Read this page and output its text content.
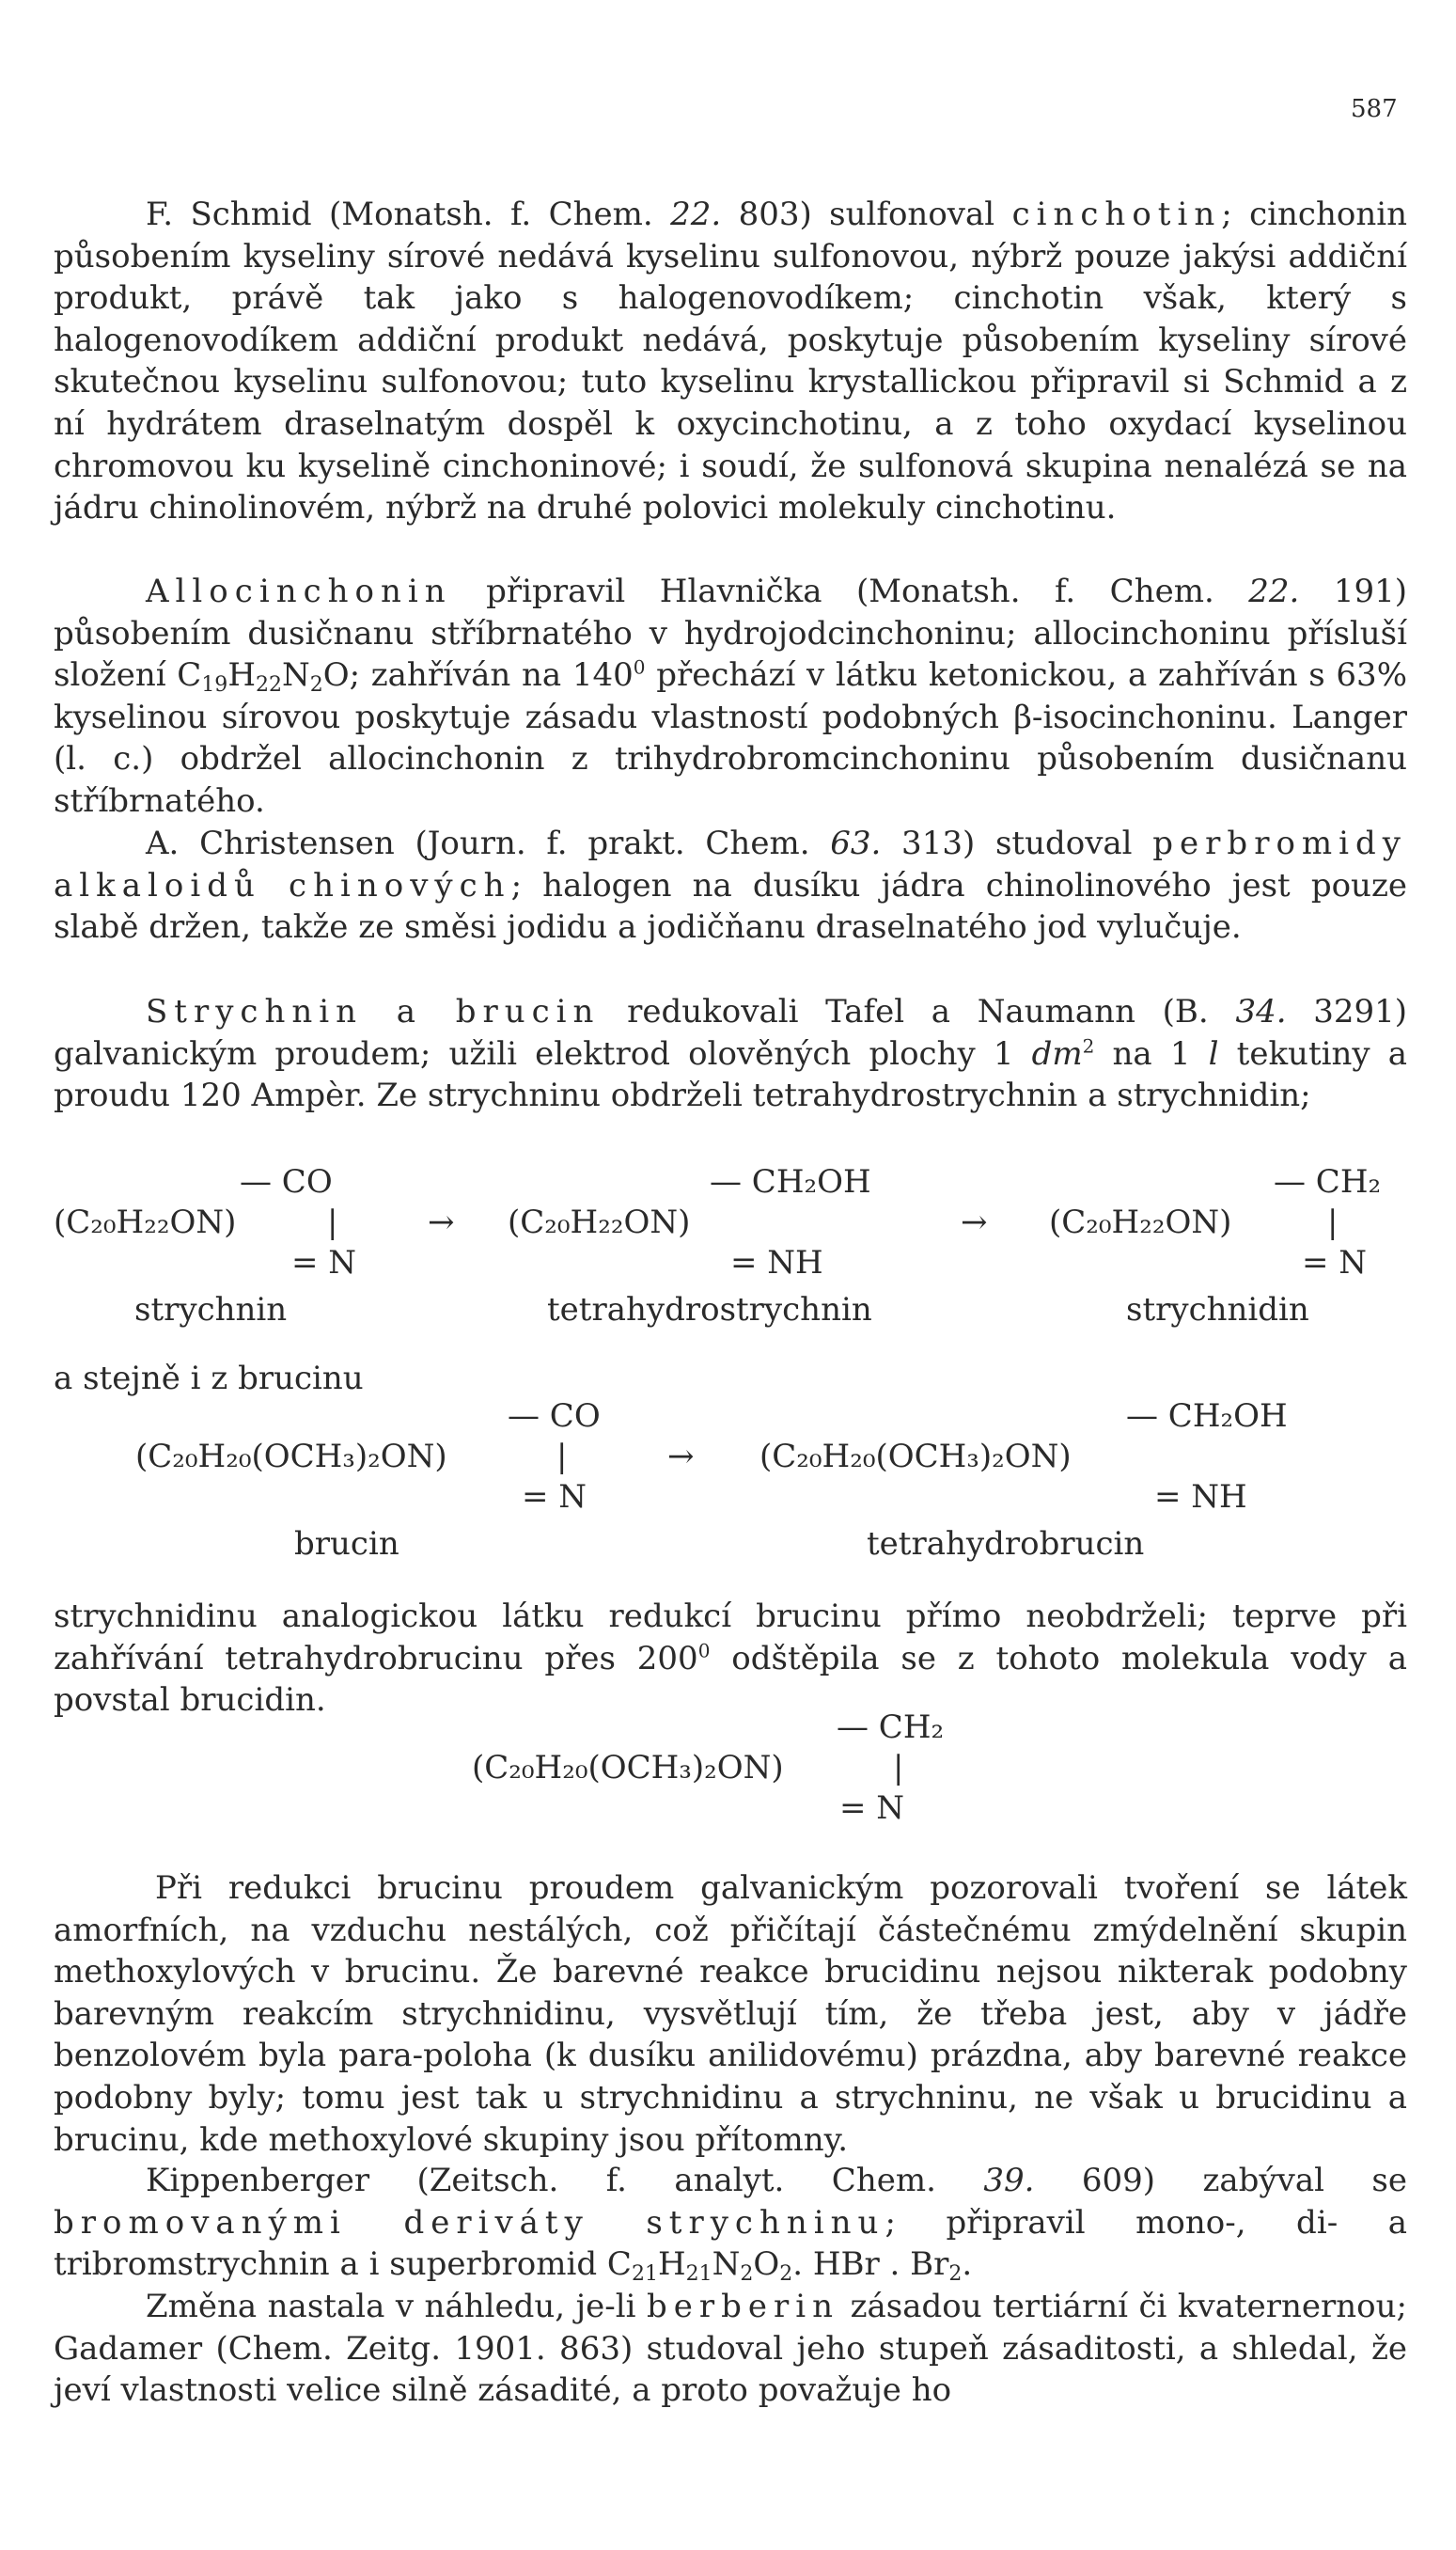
587

F. Schmid (Monatsh. f. Chem. 22. 803) sulfonoval cinchotin; cinchonin působením kyseliny sírové nedává kyselinu sulfonovou, nýbrž pouze jakýsi addiční produkt, právě tak jako s halogenovodíkem; cinchotin však, který s halogenovodíkem addiční produkt nedává, poskytuje působením kyseliny sírové skutečnou kyselinu sulfonovou; tuto kyselinu krystallickou připravil si Schmid a z ní hydrátem draselnatým dospěl k oxycinchotinu, a z toho oxydací kyselinou chromovou ku kyselině cinchoninové; i soudí, že sulfonová skupina nenalézá se na jádru chinolinovém, nýbrž na druhé polovici molekuly cinchotinu.

Allocinchonin připravil Hlavnička (Monatsh. f. Chem. 22. 191) působením dusičnanu stříbrnatého v hydrojodcinchoninu; allocinchoninu přísluší složení $C_{19}H_{22}N_2O$; zahříván na $140^0$ přechází v látku ketonickou, a zahříván s 63% kyselinou sírovou poskytuje zásadu vlastností podobných β-isocinchoninu. Langer (l. c.) obdržel allocinchonin z trihydrobromcinchoninu působením dusičnanu stříbrnatého.

A. Christensen (Journ. f. prakt. Chem. 63. 313) studoval perbromidy alkaloidů chinových; halogen na dusíku jádra chinolinového jest pouze slabě držen, takže ze směsi jodidu a jodičňanu draselnatého jod vylučuje.

Strychnin a brucin redukovali Tafel a Naumann (B. 34. 3291) galvanickým proudem; užili elektrod olověných plochy 1 $dm^2$ na 1 l tekutiny a proudu 120 Ampèr. Ze strychninu obdrželi tetrahydrostrychnin a strychnidin;

— CO
(C₂₀H₂₂ON)	|
= N
strychnin
→
— CH₂OH
(C₂₀H₂₂ON)
= NH
tetrahydrostrychnin
→
— CH₂
(C₂₀H₂₂ON)	|
= N
strychnidin
a stejně i z brucinu
— CO
(C₂₀H₂₀(OCH₃)₂ON)	|
= N
brucin
→
— CH₂OH
(C₂₀H₂₀(OCH₃)₂ON)
= NH
tetrahydrobrucin

strychnidinu analogickou látku redukcí brucinu přímo neobdrželi; teprve při zahřívání tetrahydrobrucinu přes $200^0$ odštěpila se z tohoto molekula vody a povstal brucidin.

— CH₂
(C₂₀H₂₀(OCH₃)₂ON)	|
= N

Při redukci brucinu proudem galvanickým pozorovali tvoření se látek amorfních, na vzduchu nestálých, což přičítají částečnému zmýdelnění skupin methoxylových v brucinu. Že barevné reakce brucidinu nejsou nikterak podobny barevným reakcím strychnidinu, vysvětlují tím, že třeba jest, aby v jádře benzolovém byla para-poloha (k dusíku anilidovému) prázdna, aby barevné reakce podobny byly; tomu jest tak u strychnidinu a strychninu, ne však u brucidinu a brucinu, kde methoxylové skupiny jsou přítomny.

Kippenberger (Zeitsch. f. analyt. Chem. 39. 609) zabýval se bromovanými deriváty strychninu; připravil mono-, di- a tribromstrychnin a i superbromid $C_{21}H_{21}N_2O_2$. HBr . $Br_2$.

Změna nastala v náhledu, je-li berberin zásadou tertiární či kvaternernou; Gadamer (Chem. Zeitg. 1901. 863) studoval jeho stupeň zásaditosti, a shledal, že jeví vlastnosti velice silně zásadité, a proto považuje ho
